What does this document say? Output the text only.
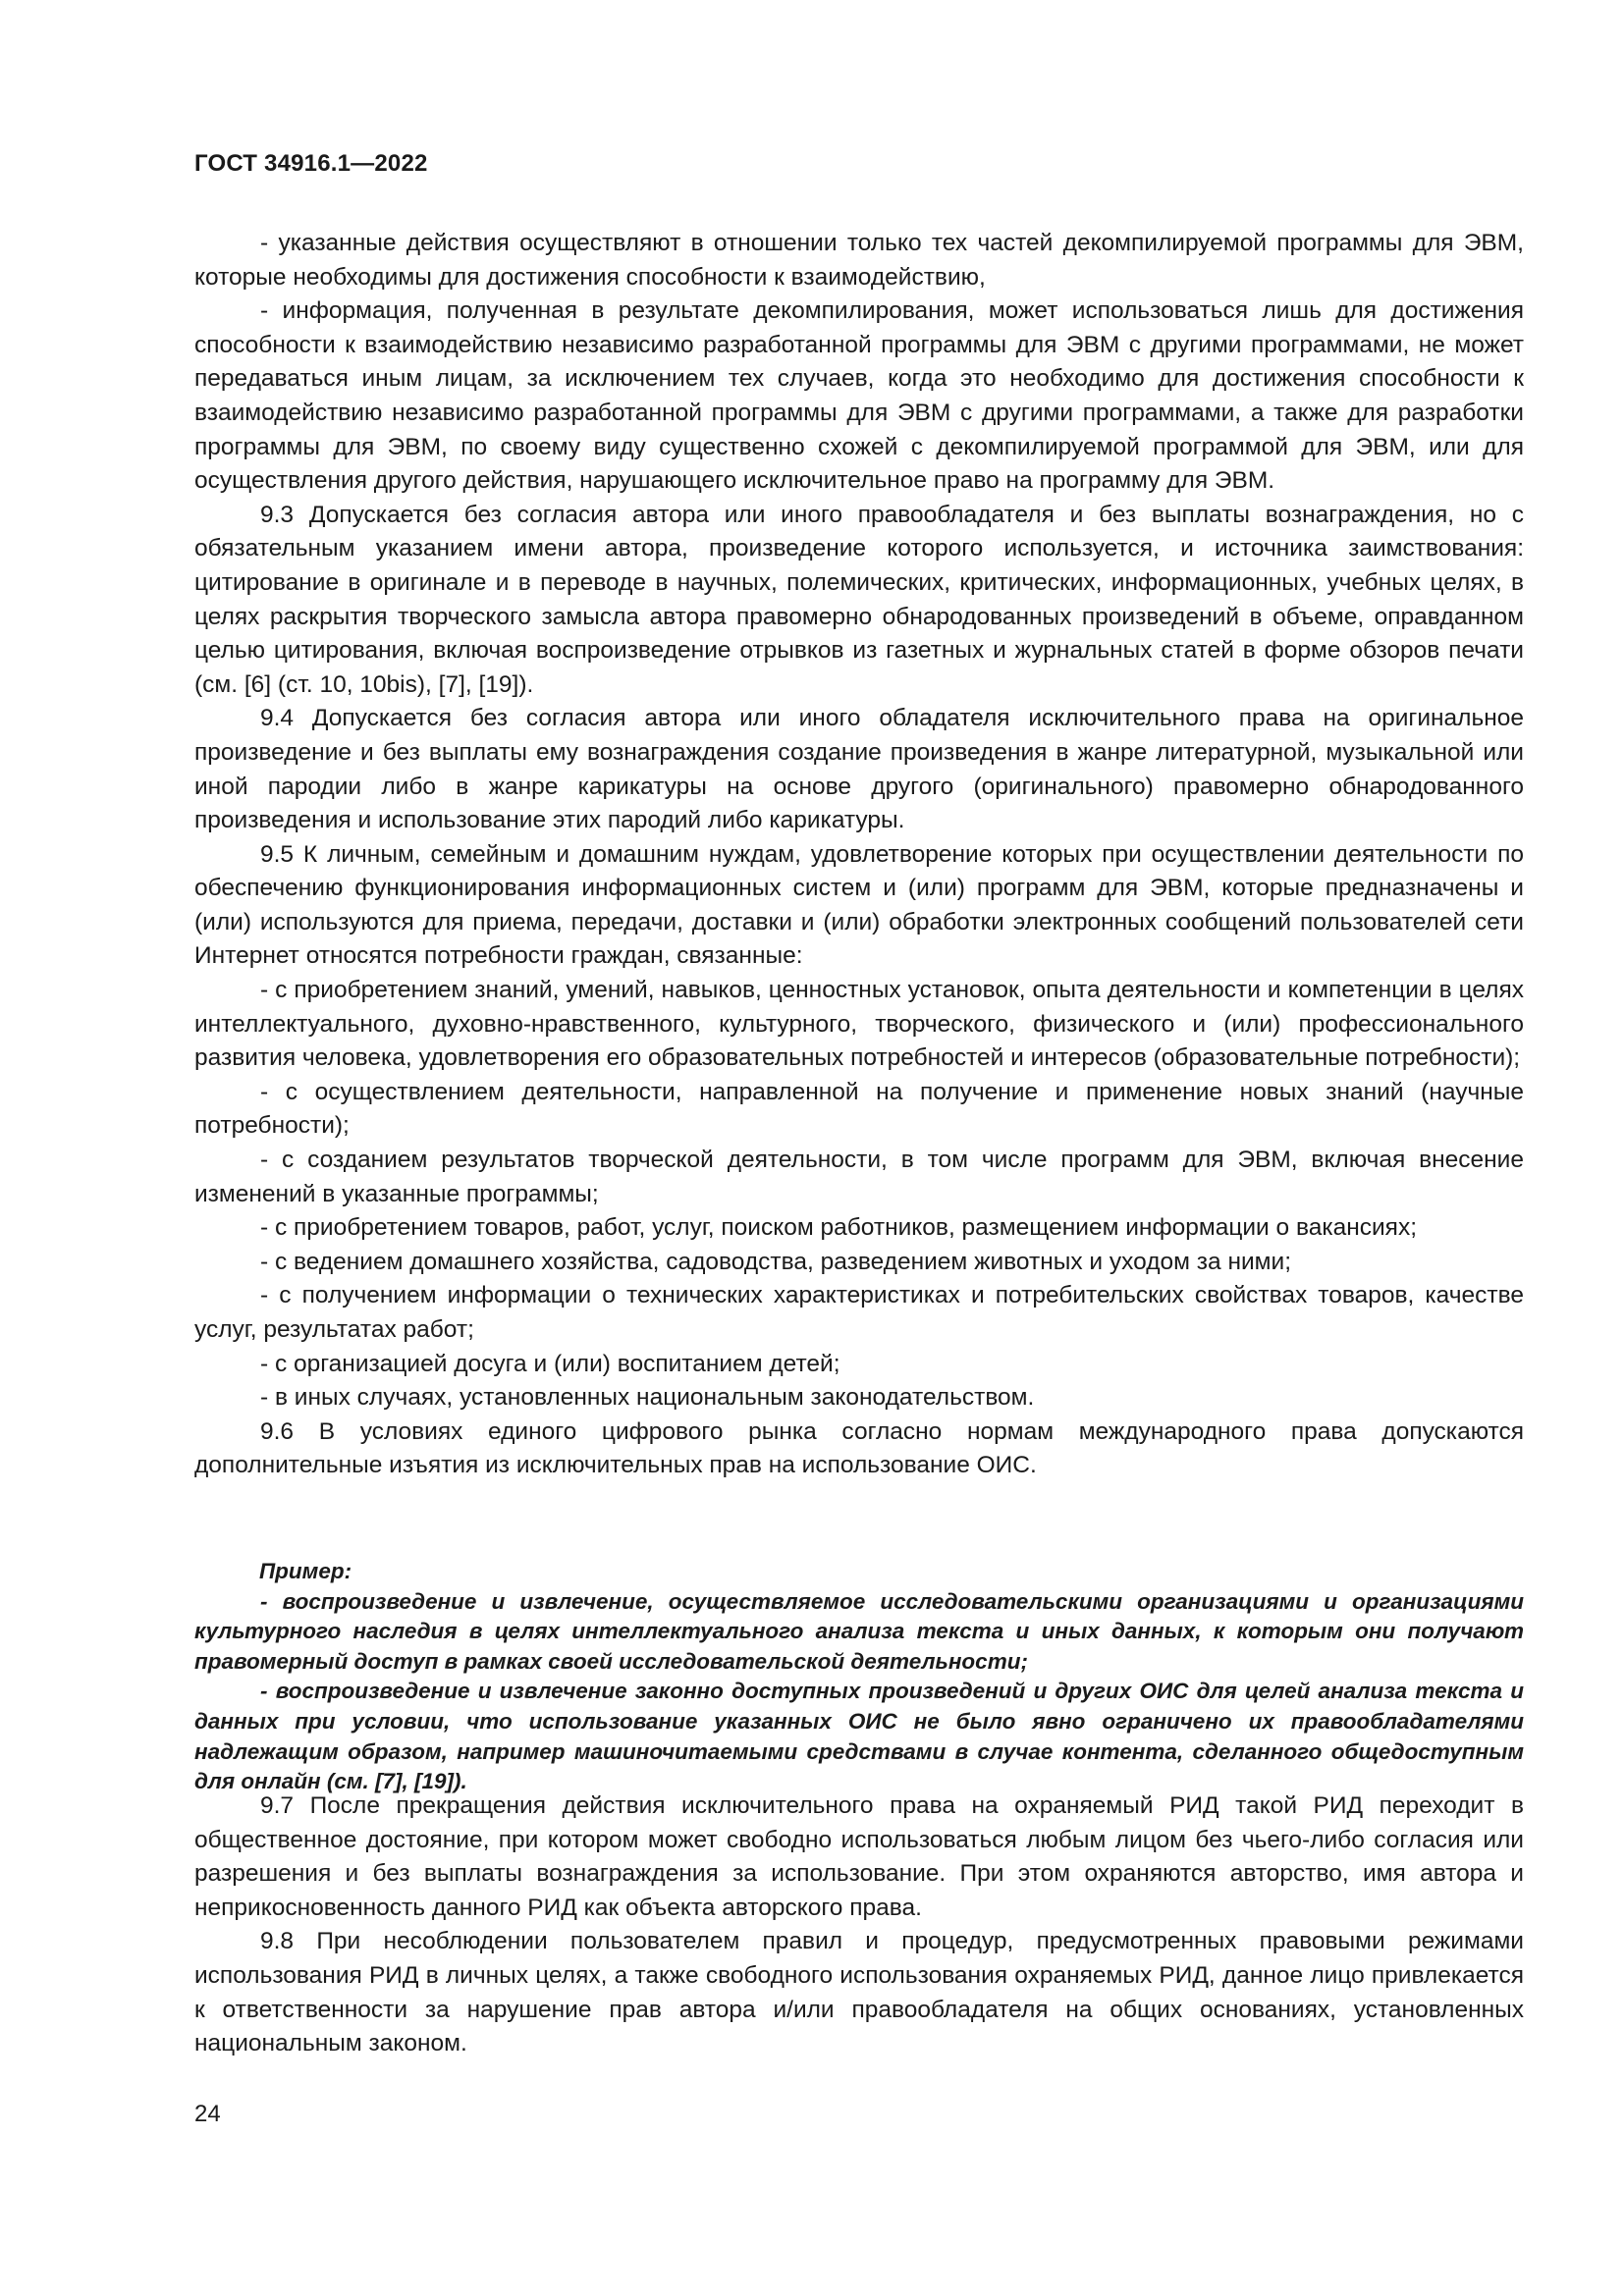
ГОСТ 34916.1—2022

- указанные действия осуществляют в отношении только тех частей декомпилируемой программы для ЭВМ, которые необходимы для достижения способности к взаимодействию,

- информация, полученная в результате декомпилирования, может использоваться лишь для достижения способности к взаимодействию независимо разработанной программы для ЭВМ с другими программами, не может передаваться иным лицам, за исключением тех случаев, когда это необходимо для достижения способности к взаимодействию независимо разработанной программы для ЭВМ с другими программами, а также для разработки программы для ЭВМ, по своему виду существенно схожей с декомпилируемой программой для ЭВМ, или для осуществления другого действия, нарушающего исключительное право на программу для ЭВМ.

9.3 Допускается без согласия автора или иного правообладателя и без выплаты вознаграждения, но с обязательным указанием имени автора, произведение которого используется, и источника заимствования: цитирование в оригинале и в переводе в научных, полемических, критических, информационных, учебных целях, в целях раскрытия творческого замысла автора правомерно обнародованных произведений в объеме, оправданном целью цитирования, включая воспроизведение отрывков из газетных и журнальных статей в форме обзоров печати (см. [6] (ст. 10, 10bis), [7], [19]).

9.4 Допускается без согласия автора или иного обладателя исключительного права на оригинальное произведение и без выплаты ему вознаграждения создание произведения в жанре литературной, музыкальной или иной пародии либо в жанре карикатуры на основе другого (оригинального) правомерно обнародованного произведения и использование этих пародий либо карикатуры.

9.5 К личным, семейным и домашним нуждам, удовлетворение которых при осуществлении деятельности по обеспечению функционирования информационных систем и (или) программ для ЭВМ, которые предназначены и (или) используются для приема, передачи, доставки и (или) обработки электронных сообщений пользователей сети Интернет относятся потребности граждан, связанные:

- с приобретением знаний, умений, навыков, ценностных установок, опыта деятельности и компетенции в целях интеллектуального, духовно-нравственного, культурного, творческого, физического и (или) профессионального развития человека, удовлетворения его образовательных потребностей и интересов (образовательные потребности);

- с осуществлением деятельности, направленной на получение и применение новых знаний (научные потребности);

- с созданием результатов творческой деятельности, в том числе программ для ЭВМ, включая внесение изменений в указанные программы;

- с приобретением товаров, работ, услуг, поиском работников, размещением информации о вакансиях;

- с ведением домашнего хозяйства, садоводства, разведением животных и уходом за ними;

- с получением информации о технических характеристиках и потребительских свойствах товаров, качестве услуг, результатах работ;

- с организацией досуга и (или) воспитанием детей;

- в иных случаях, установленных национальным законодательством.

9.6 В условиях единого цифрового рынка согласно нормам международного права допускаются дополнительные изъятия из исключительных прав на использование ОИС.

Пример:

- воспроизведение и извлечение, осуществляемое исследовательскими организациями и организациями культурного наследия в целях интеллектуального анализа текста и иных данных, к которым они получают правомерный доступ в рамках своей исследовательской деятельности;

- воспроизведение и извлечение законно доступных произведений и других ОИС для целей анализа текста и данных при условии, что использование указанных ОИС не было явно ограничено их правообладателями надлежащим образом, например машиночитаемыми средствами в случае контента, сделанного общедоступным для онлайн (см. [7], [19]).

9.7 После прекращения действия исключительного права на охраняемый РИД такой РИД переходит в общественное достояние, при котором может свободно использоваться любым лицом без чьего-либо согласия или разрешения и без выплаты вознаграждения за использование. При этом охраняются авторство, имя автора и неприкосновенность данного РИД как объекта авторского права.

9.8 При несоблюдении пользователем правил и процедур, предусмотренных правовыми режимами использования РИД в личных целях, а также свободного использования охраняемых РИД, данное лицо привлекается к ответственности за нарушение прав автора и/или правообладателя на общих основаниях, установленных национальным законом.

24
